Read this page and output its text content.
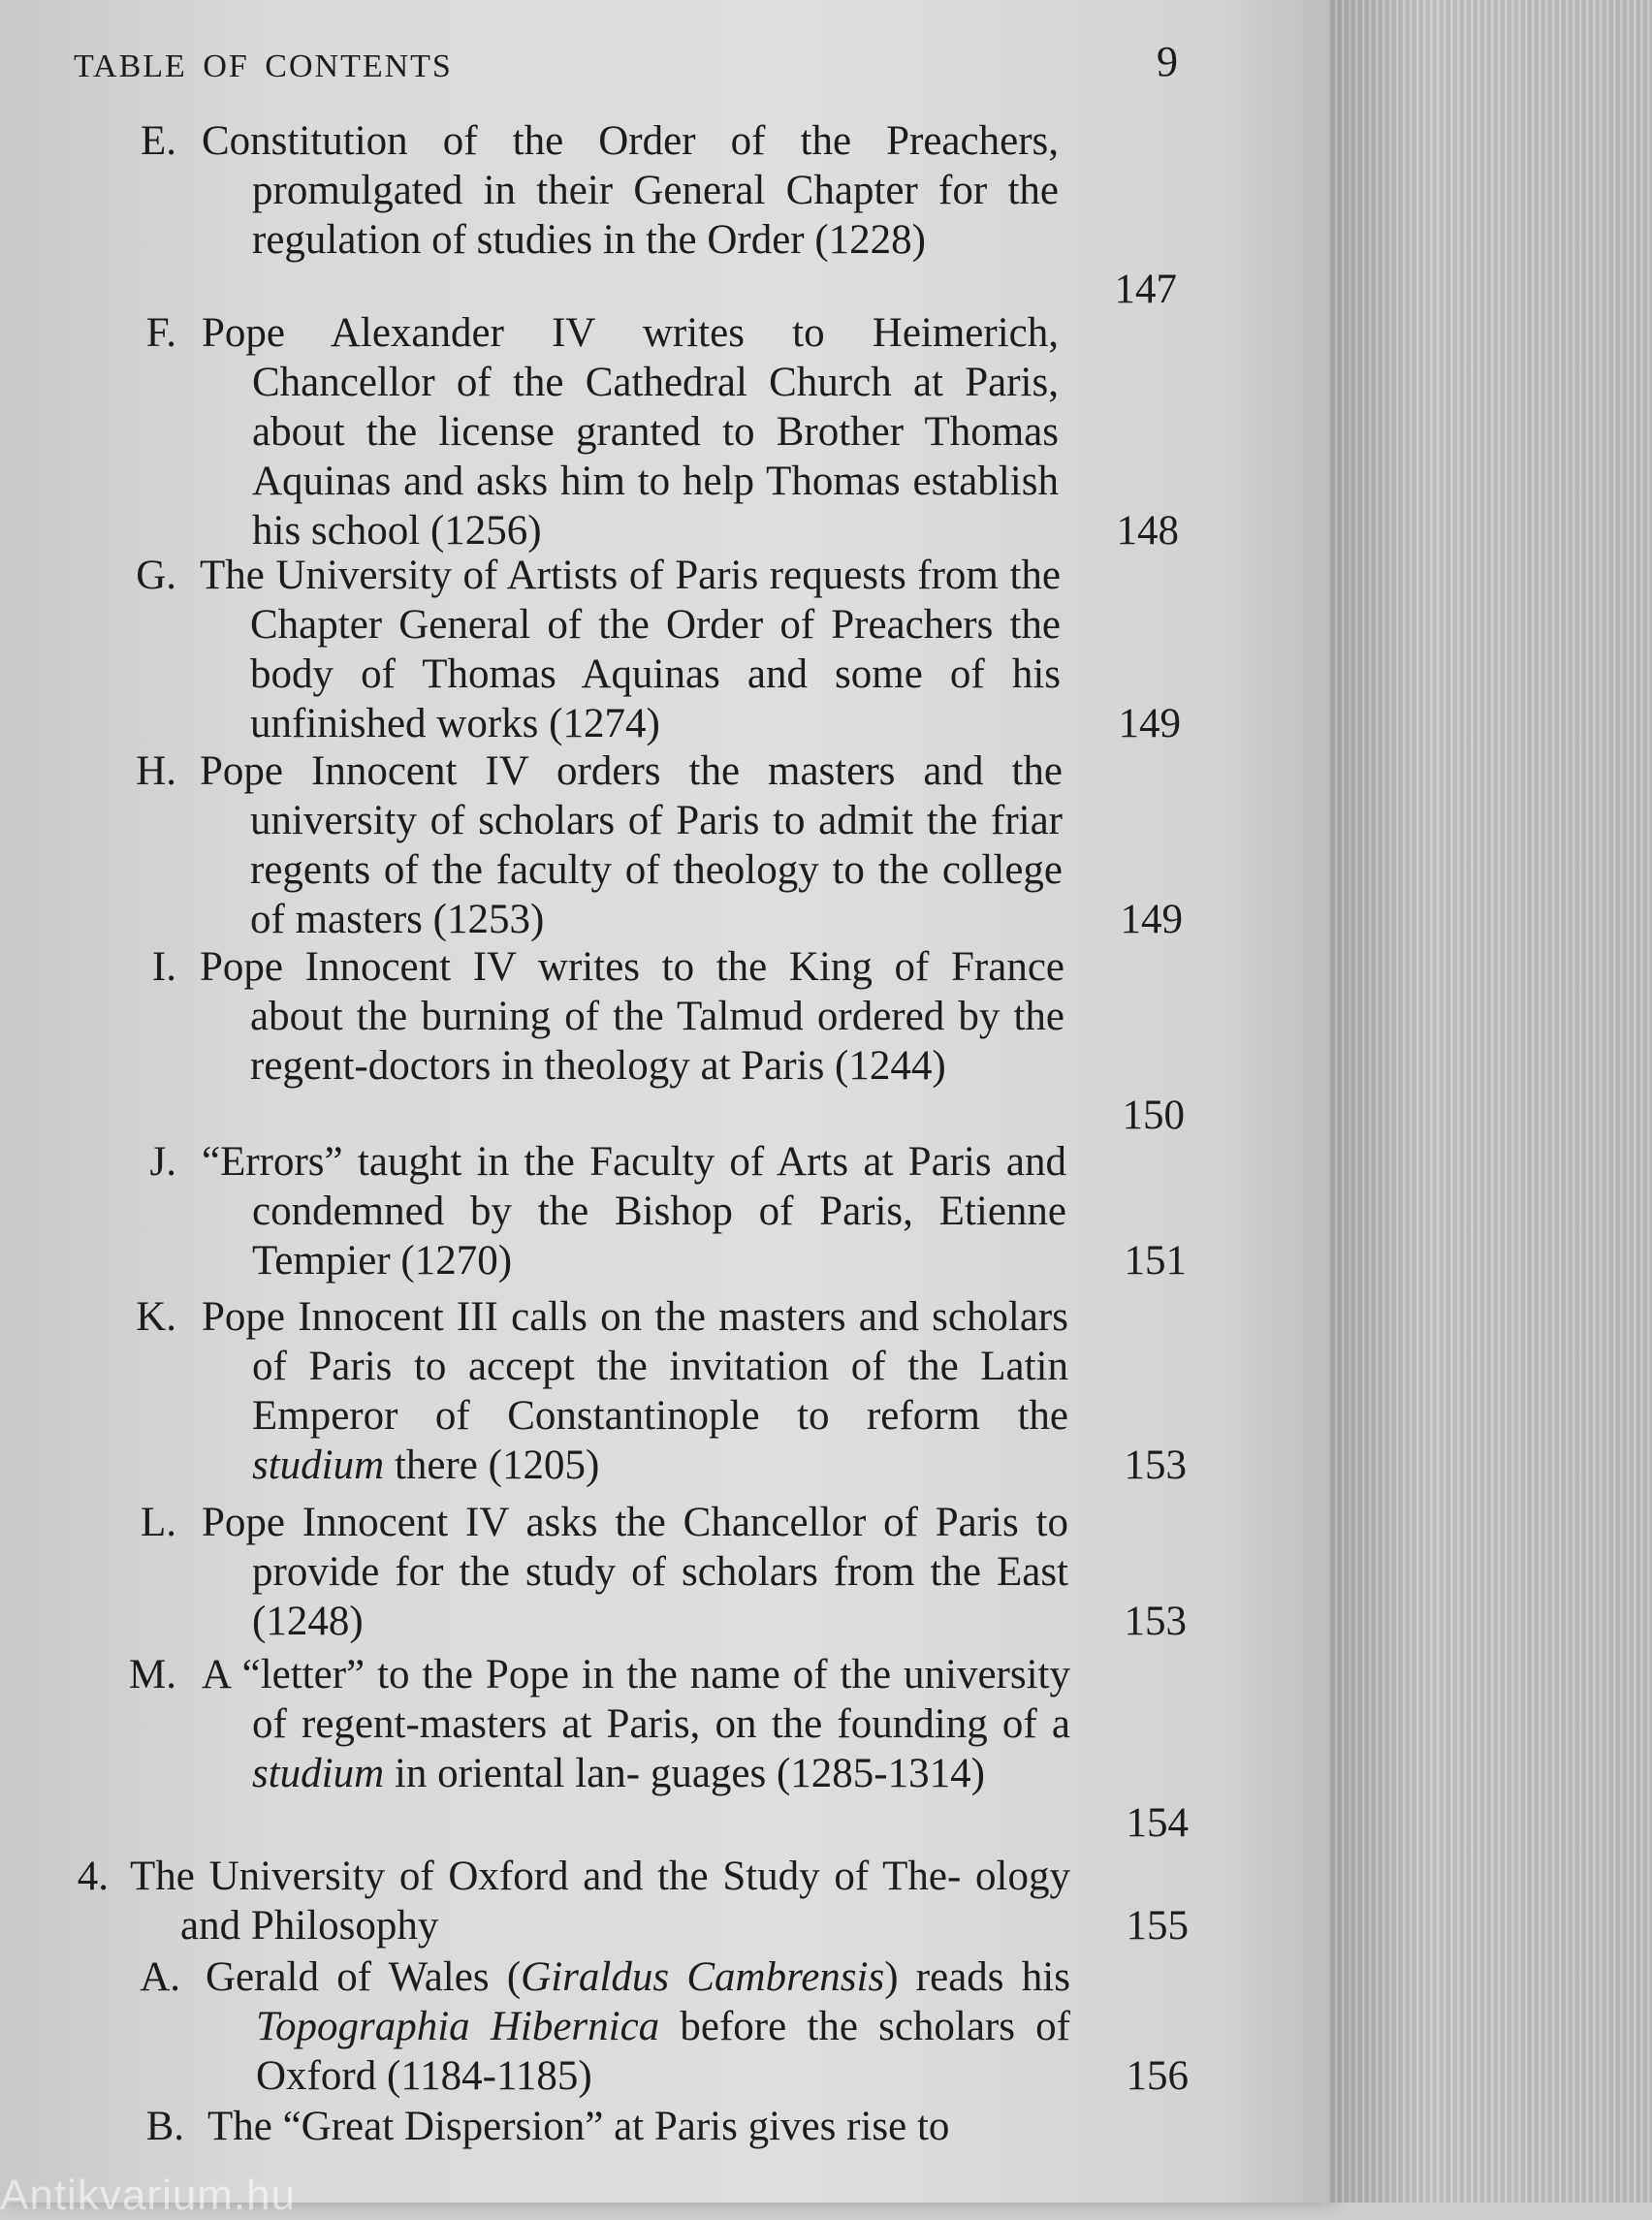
TABLE OF CONTENTS	9
E. Constitution of the Order of the Preachers, promulgated in their General Chapter for the regulation of studies in the Order (1228)
147
F. Pope Alexander IV writes to Heimerich, Chancellor of the Cathedral Church at Paris, about the license granted to Brother Thomas Aquinas and asks him to help Thomas establish his school (1256)	148
G. The University of Artists of Paris requests from the Chapter General of the Order of Preachers the body of Thomas Aquinas and some of his unfinished works (1274)	149
H. Pope Innocent IV orders the masters and the university of scholars of Paris to admit the friar regents of the faculty of theology to the college of masters (1253)	149
I. Pope Innocent IV writes to the King of France about the burning of the Talmud ordered by the regent-doctors in theology at Paris (1244)
150
J. “Errors” taught in the Faculty of Arts at Paris and condemned by the Bishop of Paris, Etienne Tempier (1270)	151
K. Pope Innocent III calls on the masters and scholars of Paris to accept the invitation of the Latin Emperor of Constantinople to reform the studium there (1205)	153
L. Pope Innocent IV asks the Chancellor of Paris to provide for the study of scholars from the East (1248)	153
M. A “letter” to the Pope in the name of the university of regent-masters at Paris, on the founding of a studium in oriental lan- guages (1285-1314)
154
4. The University of Oxford and the Study of The- ology and Philosophy	155
A. Gerald of Wales (Giraldus Cambrensis) reads his Topographia Hibernica before the scholars of Oxford (1184-1185)	156
B. The “Great Dispersion” at Paris gives rise to
Antikvarium.hu
